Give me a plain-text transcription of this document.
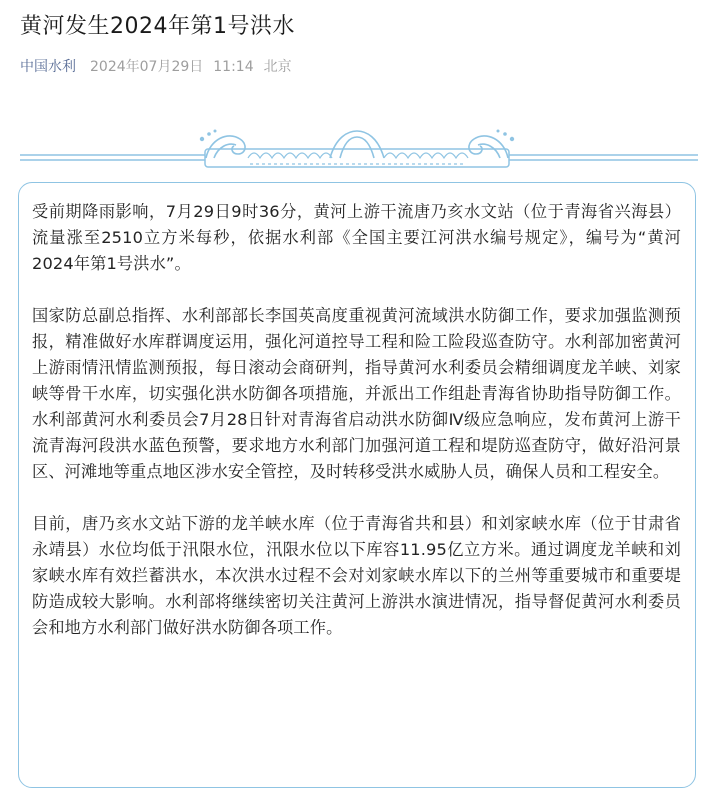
黄河发生2024年第1号洪水
中国水利 2024年07月29日 11:14 北京

受前期降雨影响，7月29日9时36分，黄河上游干流唐乃亥水文站（位于青海省兴海县）流量涨至2510立方米每秒，依据水利部《全国主要江河洪水编号规定》，编号为“黄河2024年第1号洪水”。

国家防总副总指挥、水利部部长李国英高度重视黄河流域洪水防御工作，要求加强监测预报，精准做好水库群调度运用，强化河道控导工程和险工险段巡查防守。水利部加密黄河上游雨情汛情监测预报，每日滚动会商研判，指导黄河水利委员会精细调度龙羊峡、刘家峡等骨干水库，切实强化洪水防御各项措施，并派出工作组赴青海省协助指导防御工作。水利部黄河水利委员会7月28日针对青海省启动洪水防御Ⅳ级应急响应，发布黄河上游干流青海河段洪水蓝色预警，要求地方水利部门加强河道工程和堤防巡查防守，做好沿河景区、河滩地等重点地区涉水安全管控，及时转移受洪水威胁人员，确保人员和工程安全。

目前，唐乃亥水文站下游的龙羊峡水库（位于青海省共和县）和刘家峡水库（位于甘肃省永靖县）水位均低于汛限水位，汛限水位以下库容11.95亿立方米。通过调度龙羊峡和刘家峡水库有效拦蓄洪水，本次洪水过程不会对刘家峡水库以下的兰州等重要城市和重要堤防造成较大影响。水利部将继续密切关注黄河上游洪水演进情况，指导督促黄河水利委员会和地方水利部门做好洪水防御各项工作。
